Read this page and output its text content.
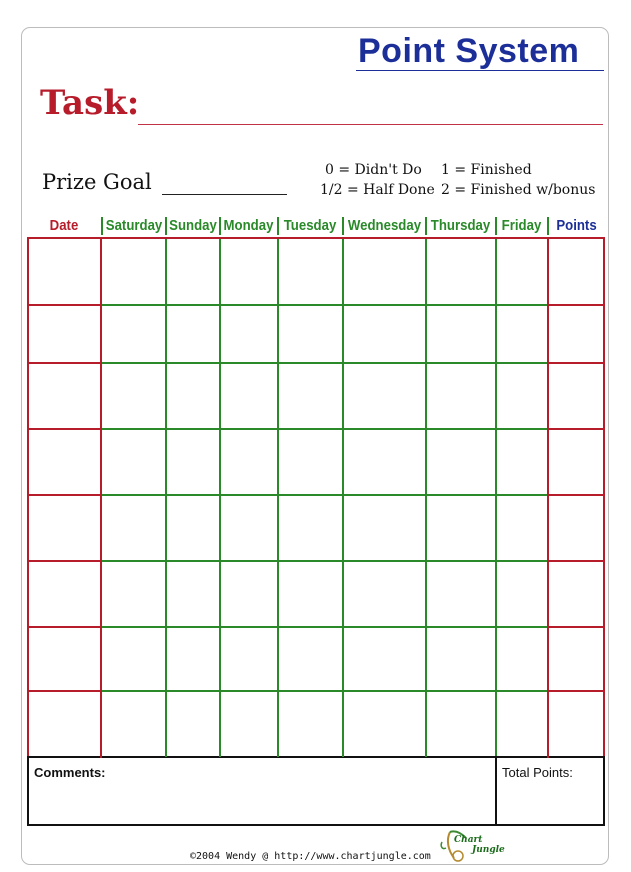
Point System
Task:
Prize Goal	0 = Didn't Do 1 = Finished
1/2 = Half Done 2 = Finished w/bonus
Date	Saturday Sunday Monday Tuesday Wednesday Thursday Friday	Points
Comments:	Total Points:
©2004 Wendy @ http://www.chartjungle.com
Chart
Jungle
